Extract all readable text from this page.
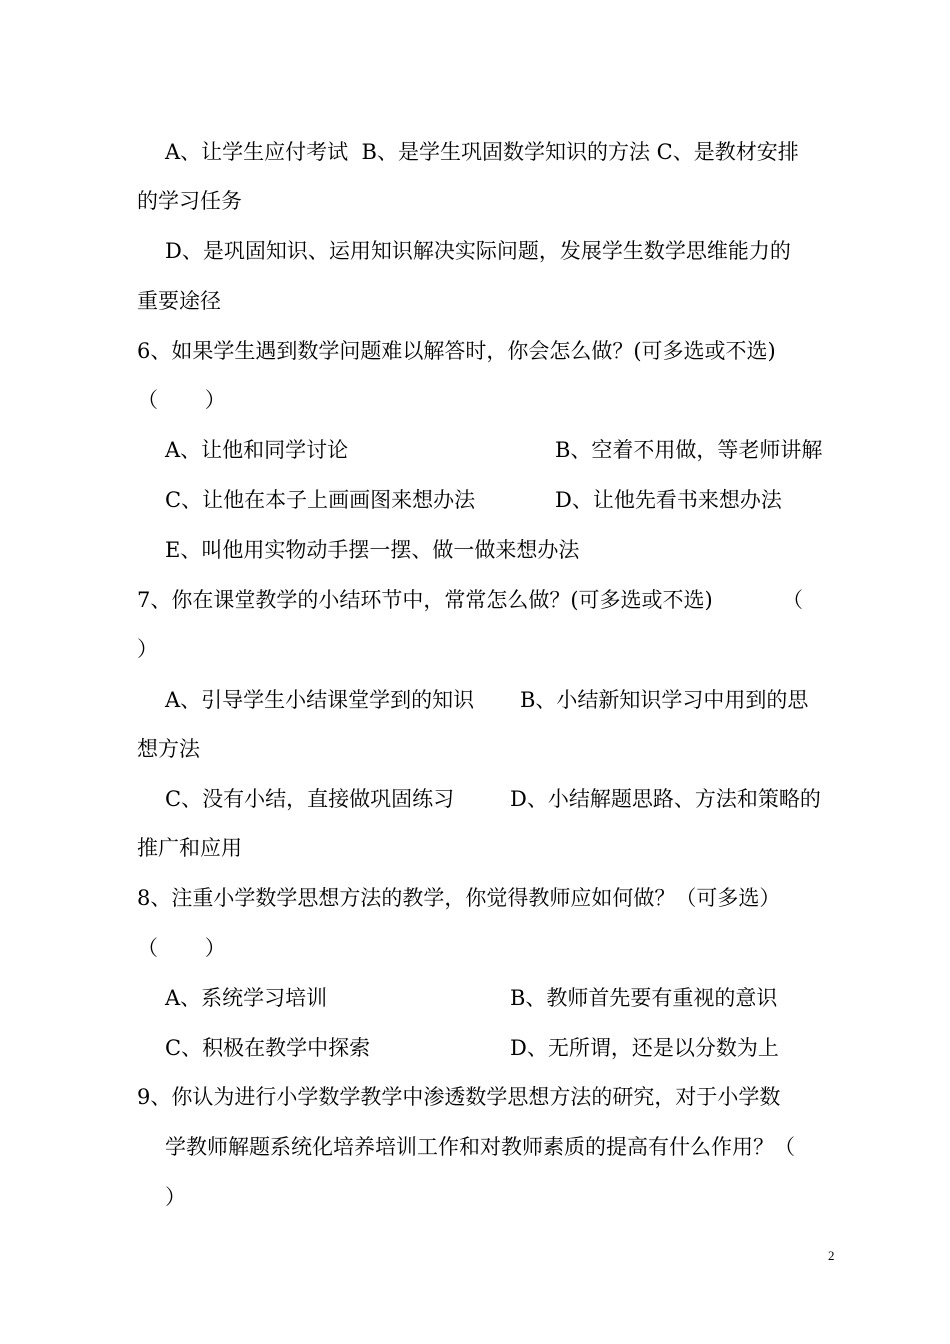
A、让学生应付考试  B、是学生巩固数学知识的方法 C、是教材安排
的学习任务
D、是巩固知识、运用知识解决实际问题，发展学生数学思维能力的
重要途径
6、如果学生遇到数学问题难以解答时，你会怎么做？(可多选或不选)
（       ）
A、让他和同学讨论	B、空着不用做，等老师讲解
C、让他在本子上画画图来想办法	D、让他先看书来想办法
E、叫他用实物动手摆一摆、做一做来想办法
7、你在课堂教学的小结环节中，常常怎么做？(可多选或不选)	（
）
A、引导学生小结课堂学到的知识 B、小结新知识学习中用到的思
想方法
C、没有小结，直接做巩固练习	D、小结解题思路、方法和策略的
推广和应用
8、注重小学数学思想方法的教学，你觉得教师应如何做？（可多选）
（       ）
A、系统学习培训	B、教师首先要有重视的意识
C、积极在教学中探索	D、无所谓，还是以分数为上
9、你认为进行小学数学教学中渗透数学思想方法的研究，对于小学数
学教师解题系统化培养培训工作和对教师素质的提高有什么作用？（
）
2
